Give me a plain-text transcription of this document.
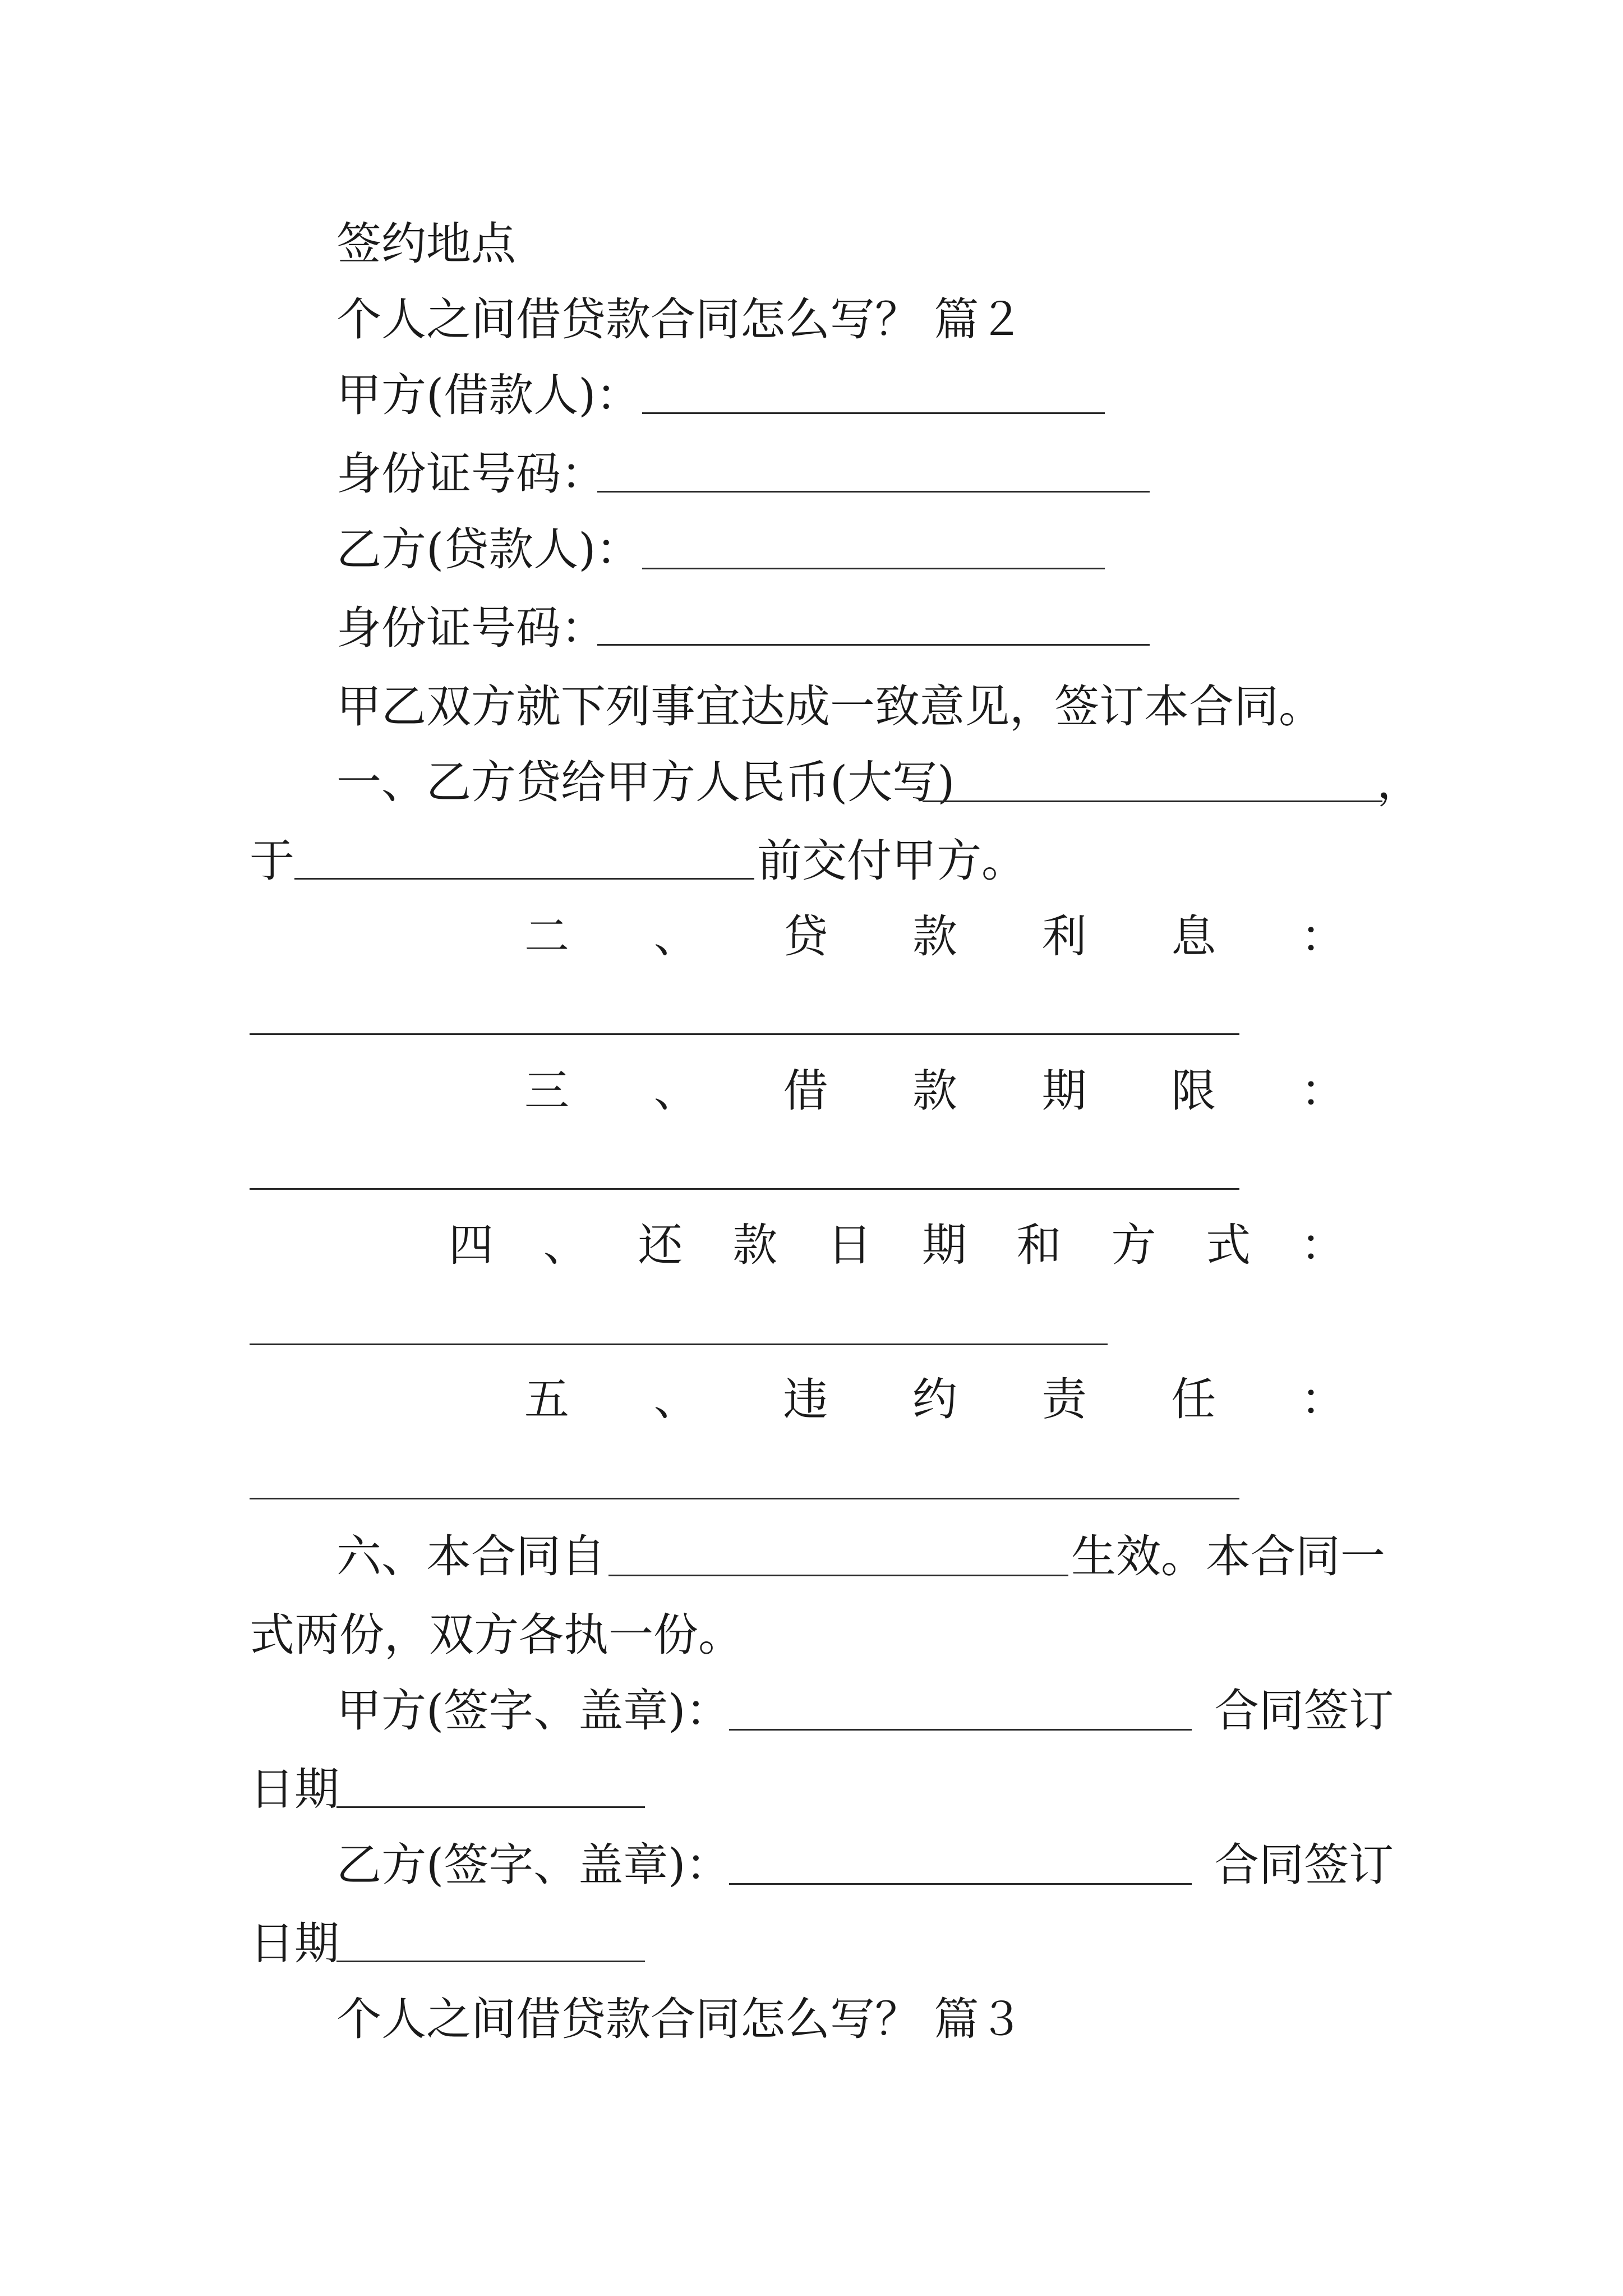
签约地点
个人之间借贷款合同怎么写？ 篇２
甲方(借款人)：
身份证号码：
乙方(贷款人)：
身份证号码：
甲乙双方就下列事宜达成一致意见，签订本合同。
一、乙方贷给甲方人民币(大写)	，
于	前交付甲方。
二 、 贷 款 利 息 ：
三 、 借 款 期 限 ：
四 、 还 款 日 期 和 方 式 ：
五 、 违 约 责 任 ：
六、本合同自	生效。本合同一
式两份，双方各执一份。
甲方(签字、盖章)：	合同签订
日期
乙方(签字、盖章)：	合同签订
日期
个人之间借贷款合同怎么写？ 篇３
